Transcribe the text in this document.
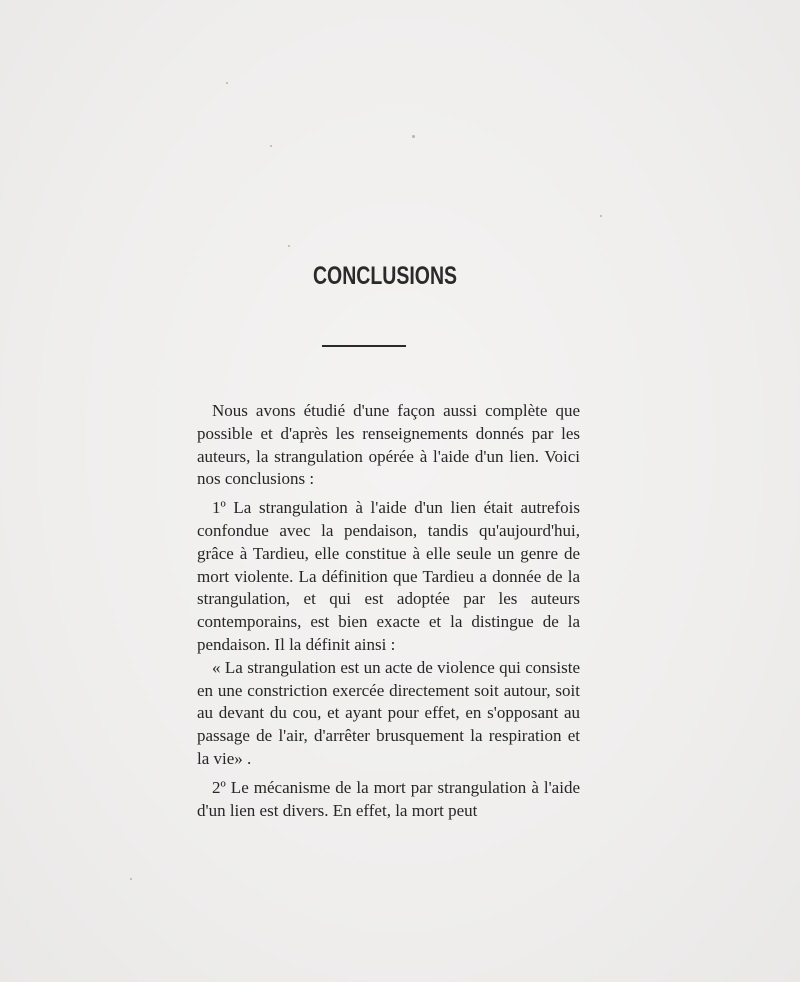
CONCLUSIONS

Nous avons étudié d'une façon aussi complète que possible et d'après les renseignements donnés par les auteurs, la strangulation opérée à l'aide d'un lien. Voici nos conclusions :

1º La strangulation à l'aide d'un lien était autrefois confondue avec la pendaison, tandis qu'aujourd'hui, grâce à Tardieu, elle constitue à elle seule un genre de mort violente. La définition que Tardieu a donnée de la strangulation, et qui est adoptée par les auteurs contemporains, est bien exacte et la distingue de la pendaison. Il la définit ainsi :

« La strangulation est un acte de violence qui consiste en une constriction exercée directement soit autour, soit au devant du cou, et ayant pour effet, en s'opposant au passage de l'air, d'arrêter brusquement la respiration et la vie» .

2º Le mécanisme de la mort par strangulation à l'aide d'un lien est divers. En effet, la mort peut
